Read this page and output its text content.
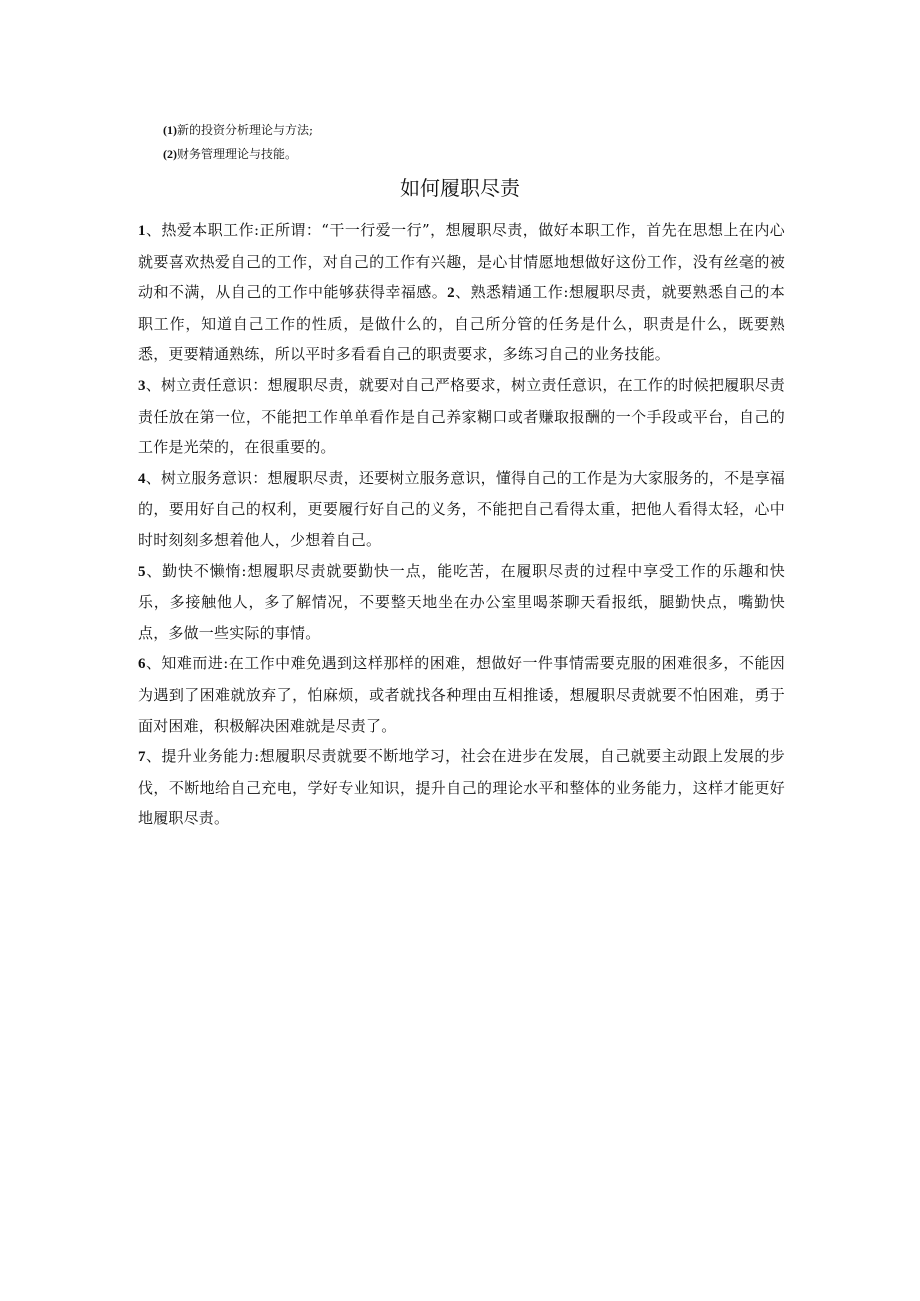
(1)新的投资分析理论与方法;
(2)财务管理理论与技能。
如何履职尽责

1、热爱本职工作:正所谓：“干一行爱一行”，想履职尽责，做好本职工作，首先在思想上在内心就要喜欢热爱自己的工作，对自己的工作有兴趣，是心甘情愿地想做好这份工作，没有丝毫的被动和不满，从自己的工作中能够获得幸福感。2、熟悉精通工作:想履职尽责，就要熟悉自己的本职工作，知道自己工作的性质，是做什么的，自己所分管的任务是什么，职责是什么，既要熟悉，更要精通熟练，所以平时多看看自己的职责要求，多练习自己的业务技能。

3、树立责任意识：想履职尽责，就要对自己严格要求，树立责任意识，在工作的时候把履职尽责责任放在第一位，不能把工作单单看作是自己养家糊口或者赚取报酬的一个手段或平台，自己的工作是光荣的，在很重要的。

4、树立服务意识：想履职尽责，还要树立服务意识，懂得自己的工作是为大家服务的，不是享福的，要用好自己的权利，更要履行好自己的义务，不能把自己看得太重，把他人看得太轻，心中时时刻刻多想着他人，少想着自己。

5、勤快不懒惰:想履职尽责就要勤快一点，能吃苦，在履职尽责的过程中享受工作的乐趣和快乐，多接触他人，多了解情况，不要整天地坐在办公室里喝茶聊天看报纸，腿勤快点，嘴勤快点，多做一些实际的事情。

6、知难而进:在工作中难免遇到这样那样的困难，想做好一件事情需要克服的困难很多，不能因为遇到了困难就放弃了，怕麻烦，或者就找各种理由互相推诿，想履职尽责就要不怕困难，勇于面对困难，积极解决困难就是尽责了。

7、提升业务能力:想履职尽责就要不断地学习，社会在进步在发展，自己就要主动跟上发展的步伐，不断地给自己充电，学好专业知识，提升自己的理论水平和整体的业务能力，这样才能更好地履职尽责。
